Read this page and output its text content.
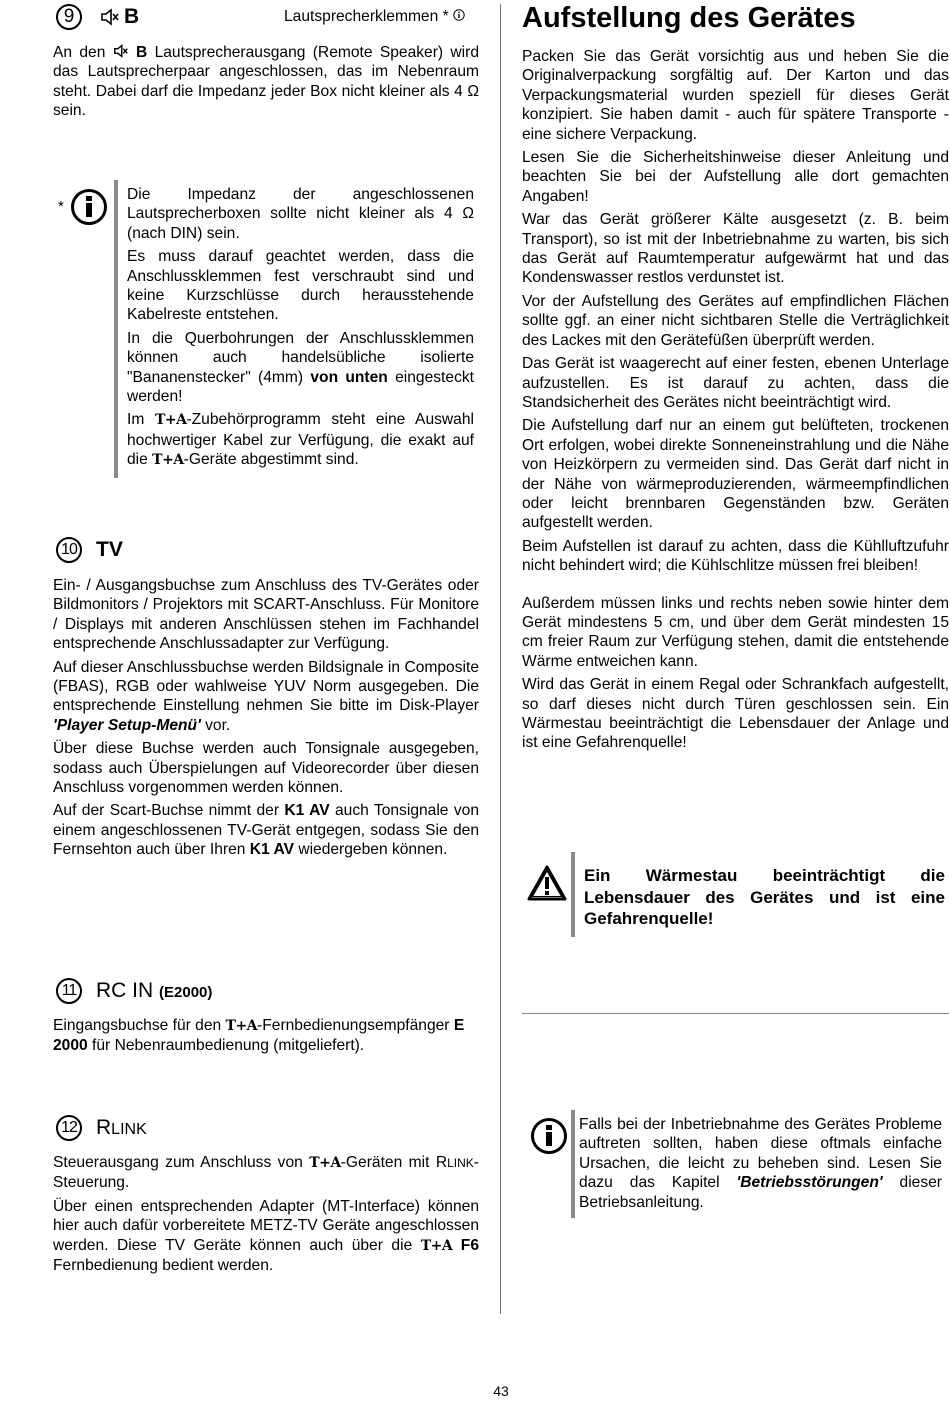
9	B	Lautsprecherklemmen *

An den  B Lautsprecherausgang (Remote Speaker) wird das Lautsprecherpaar angeschlossen, das im Nebenraum steht. Dabei darf die Impedanz jeder Box nicht kleiner als 4 Ω sein.

*

Die Impedanz der angeschlossenen Lautsprecherboxen sollte nicht kleiner als 4 Ω (nach DIN) sein.

Es muss darauf geachtet werden, dass die Anschlussklemmen fest verschraubt sind und keine Kurzschlüsse durch herausstehende Kabelreste entstehen.

In die Querbohrungen der Anschlussklemmen können auch handelsübliche isolierte "Bananenstecker" (4mm) von unten eingesteckt werden!

Im T+A-Zubehörprogramm steht eine Auswahl hochwertiger Kabel zur Verfügung, die exakt auf die T+A-Geräte abgestimmt sind.

10 TV

Ein- / Ausgangsbuchse zum Anschluss des TV-Gerätes oder Bildmonitors / Projektors mit SCART-Anschluss. Für Monitore / Displays mit anderen Anschlüssen stehen im Fachhandel entsprechende Anschlussadapter zur Verfügung.

Auf dieser Anschlussbuchse werden Bildsignale in Composite (FBAS), RGB oder wahlweise YUV Norm ausgegeben. Die entsprechende Einstellung nehmen Sie bitte im Disk-Player 'Player Setup-Menü' vor.

Über diese Buchse werden auch Tonsignale ausgegeben, sodass auch Überspielungen auf Videorecorder über diesen Anschluss vorgenommen werden können.

Auf der Scart-Buchse nimmt der K1 AV auch Tonsignale von einem angeschlossenen TV-Gerät entgegen, sodass Sie den Fernsehton auch über Ihren K1 AV wiedergeben können.

11 RC IN (E2000)

Eingangsbuchse für den T+A-Fernbedienungsempfänger E 2000 für Nebenraumbedienung (mitgeliefert).

12 RLINK

Steuerausgang zum Anschluss von T+A-Geräten mit RLINK-Steuerung.

Über einen entsprechenden Adapter (MT-Interface) können hier auch dafür vorbereitete METZ-TV Geräte angeschlossen werden. Diese TV Geräte können auch über die T+A F6 Fernbedienung bedient werden.

Aufstellung des Gerätes

Packen Sie das Gerät vorsichtig aus und heben Sie die Originalverpackung sorgfältig auf. Der Karton und das Verpackungsmaterial wurden speziell für dieses Gerät konzipiert. Sie haben damit - auch für spätere Transporte - eine sichere Verpackung.

Lesen Sie die Sicherheitshinweise dieser Anleitung und beachten Sie bei der Aufstellung alle dort gemachten Angaben!

War das Gerät größerer Kälte ausgesetzt (z. B. beim Transport), so ist mit der Inbetriebnahme zu warten, bis sich das Gerät auf Raumtemperatur aufgewärmt hat und das Kondenswasser restlos verdunstet ist.

Vor der Aufstellung des Gerätes auf empfindlichen Flächen sollte ggf. an einer nicht sichtbaren Stelle die Verträglichkeit des Lackes mit den Gerätefüßen überprüft werden.

Das Gerät ist waagerecht auf einer festen, ebenen Unterlage aufzustellen. Es ist darauf zu achten, dass die Standsicherheit des Gerätes nicht beeinträchtigt wird.

Die Aufstellung darf nur an einem gut belüfteten, trockenen Ort erfolgen, wobei direkte Sonneneinstrahlung und die Nähe von Heizkörpern zu vermeiden sind. Das Gerät darf nicht in der Nähe von wärmeproduzierenden, wärmeempfindlichen oder leicht brennbaren Gegenständen bzw. Geräten aufgestellt werden.

Beim Aufstellen ist darauf zu achten, dass die Kühlluftzufuhr nicht behindert wird; die Kühlschlitze müssen frei bleiben!

Außerdem müssen links und rechts neben sowie hinter dem Gerät mindestens 5 cm, und über dem Gerät mindesten 15 cm freier Raum zur Verfügung stehen, damit die entstehende Wärme entweichen kann.

Wird das Gerät in einem Regal oder Schrankfach aufgestellt, so darf dieses nicht durch Türen geschlossen sein. Ein Wärmestau beeinträchtigt die Lebensdauer der Anlage und ist eine Gefahrenquelle!

Ein Wärmestau beeinträchtigt die Lebensdauer des Gerätes und ist eine Gefahrenquelle!

Falls bei der Inbetriebnahme des Gerätes Probleme auftreten sollten, haben diese oftmals einfache Ursachen, die leicht zu beheben sind. Lesen Sie dazu das Kapitel 'Betriebsstörungen' dieser Betriebsanleitung.

43
